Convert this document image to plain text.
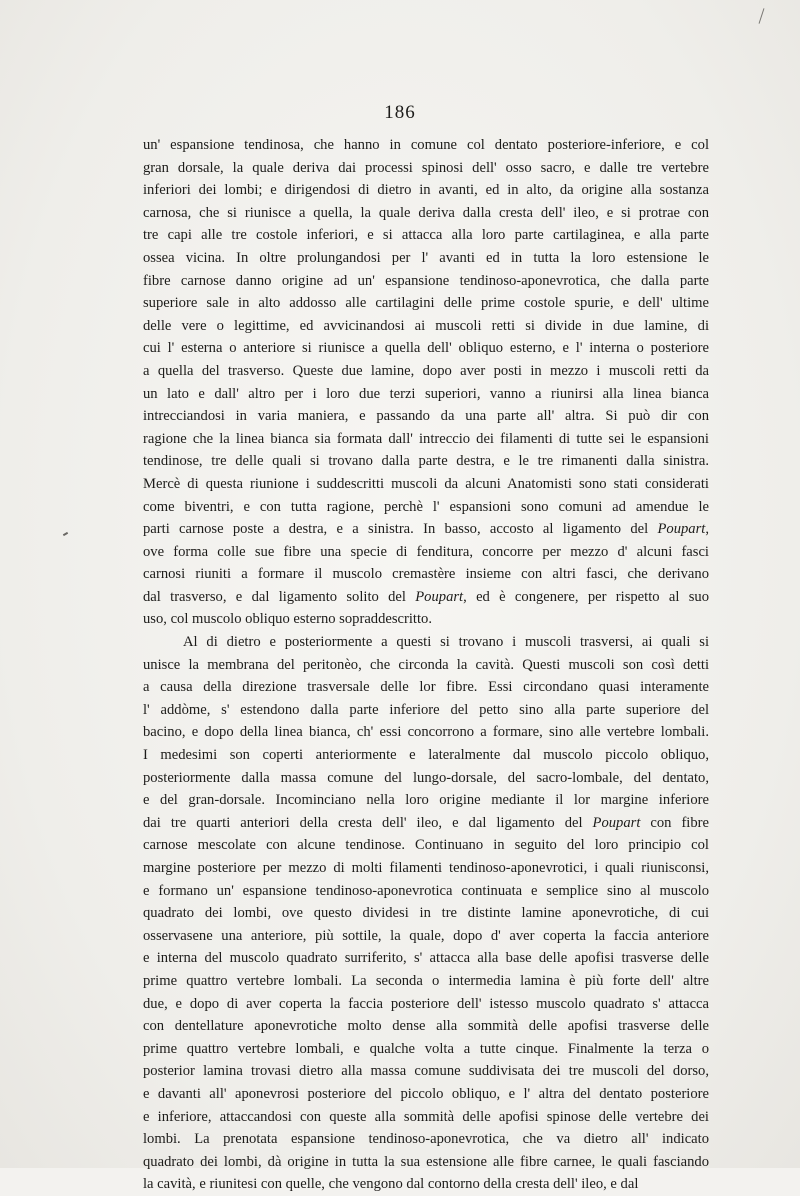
186
un' espansione tendinosa, che hanno in comune col dentato posteriore-inferiore, e col
gran dorsale, la quale deriva dai processi spinosi dell' osso sacro, e dalle tre vertebre
inferiori dei lombi; e dirigendosi di dietro in avanti, ed in alto, da origine alla sostanza
carnosa, che si riunisce a quella, la quale deriva dalla cresta dell' ileo, e si protrae con
tre capi alle tre costole inferiori, e si attacca alla loro parte cartilaginea, e alla parte
ossea vicina. In oltre prolungandosi per l' avanti ed in tutta la loro estensione le
fibre carnose danno origine ad un' espansione tendinoso-aponevrotica, che dalla parte
superiore sale in alto addosso alle cartilagini delle prime costole spurie, e dell' ultime
delle vere o legittime, ed avvicinandosi ai muscoli retti si divide in due lamine, di
cui l' esterna o anteriore si riunisce a quella dell' obliquo esterno, e l' interna o posteriore
a quella del trasverso. Queste due lamine, dopo aver posti in mezzo i muscoli retti da
un lato e dall' altro per i loro due terzi superiori, vanno a riunirsi alla linea bianca
intrecciandosi in varia maniera, e passando da una parte all' altra. Si può dir con
ragione che la linea bianca sia formata dall' intreccio dei filamenti di tutte sei le espansioni
tendinose, tre delle quali si trovano dalla parte destra, e le tre rimanenti dalla sinistra.
Mercè di questa riunione i suddescritti muscoli da alcuni Anatomisti sono stati considerati
come biventri, e con tutta ragione, perchè l' espansioni sono comuni ad amendue le
parti carnose poste a destra, e a sinistra. In basso, accosto al ligamento del Poupart,
ove forma colle sue fibre una specie di fenditura, concorre per mezzo d' alcuni fasci
carnosi riuniti a formare il muscolo cremastère insieme con altri fasci, che derivano
dal trasverso, e dal ligamento solito del Poupart, ed è congenere, per rispetto al suo
uso, col muscolo obliquo esterno sopraddescritto.
Al di dietro e posteriormente a questi si trovano i muscoli trasversi, ai quali si
unisce la membrana del peritonèo, che circonda la cavità. Questi muscoli son così detti
a causa della direzione trasversale delle lor fibre. Essi circondano quasi interamente
l' addòme, s' estendono dalla parte inferiore del petto sino alla parte superiore del
bacino, e dopo della linea bianca, ch' essi concorrono a formare, sino alle vertebre lombali.
I medesimi son coperti anteriormente e lateralmente dal muscolo piccolo obliquo,
posteriormente dalla massa comune del lungo-dorsale, del sacro-lombale, del dentato,
e del gran-dorsale. Incominciano nella loro origine mediante il lor margine inferiore
dai tre quarti anteriori della cresta dell' ileo, e dal ligamento del Poupart con fibre
carnose mescolate con alcune tendinose. Continuano in seguito del loro principio col
margine posteriore per mezzo di molti filamenti tendinoso-aponevrotici, i quali riunisconsi,
e formano un' espansione tendinoso-aponevrotica continuata e semplice sino al muscolo
quadrato dei lombi, ove questo dividesi in tre distinte lamine aponevrotiche, di cui
osservasene una anteriore, più sottile, la quale, dopo d' aver coperta la faccia anteriore
e interna del muscolo quadrato surriferito, s' attacca alla base delle apofisi trasverse delle
prime quattro vertebre lombali. La seconda o intermedia lamina è più forte dell' altre
due, e dopo di aver coperta la faccia posteriore dell' istesso muscolo quadrato s' attacca
con dentellature aponevrotiche molto dense alla sommità delle apofisi trasverse delle
prime quattro vertebre lombali, e qualche volta a tutte cinque. Finalmente la terza o
posterior lamina trovasi dietro alla massa comune suddivisata dei tre muscoli del dorso,
e davanti all' aponevrosi posteriore del piccolo obliquo, e l' altra del dentato posteriore
e inferiore, attaccandosi con queste alla sommità delle apofisi spinose delle vertebre dei
lombi. La prenotata espansione tendinoso-aponevrotica, che va dietro all' indicato
quadrato dei lombi, dà origine in tutta la sua estensione alle fibre carnee, le quali fasciando
la cavità, e riunitesi con quelle, che vengono dal contorno della cresta dell' ileo, e dal
